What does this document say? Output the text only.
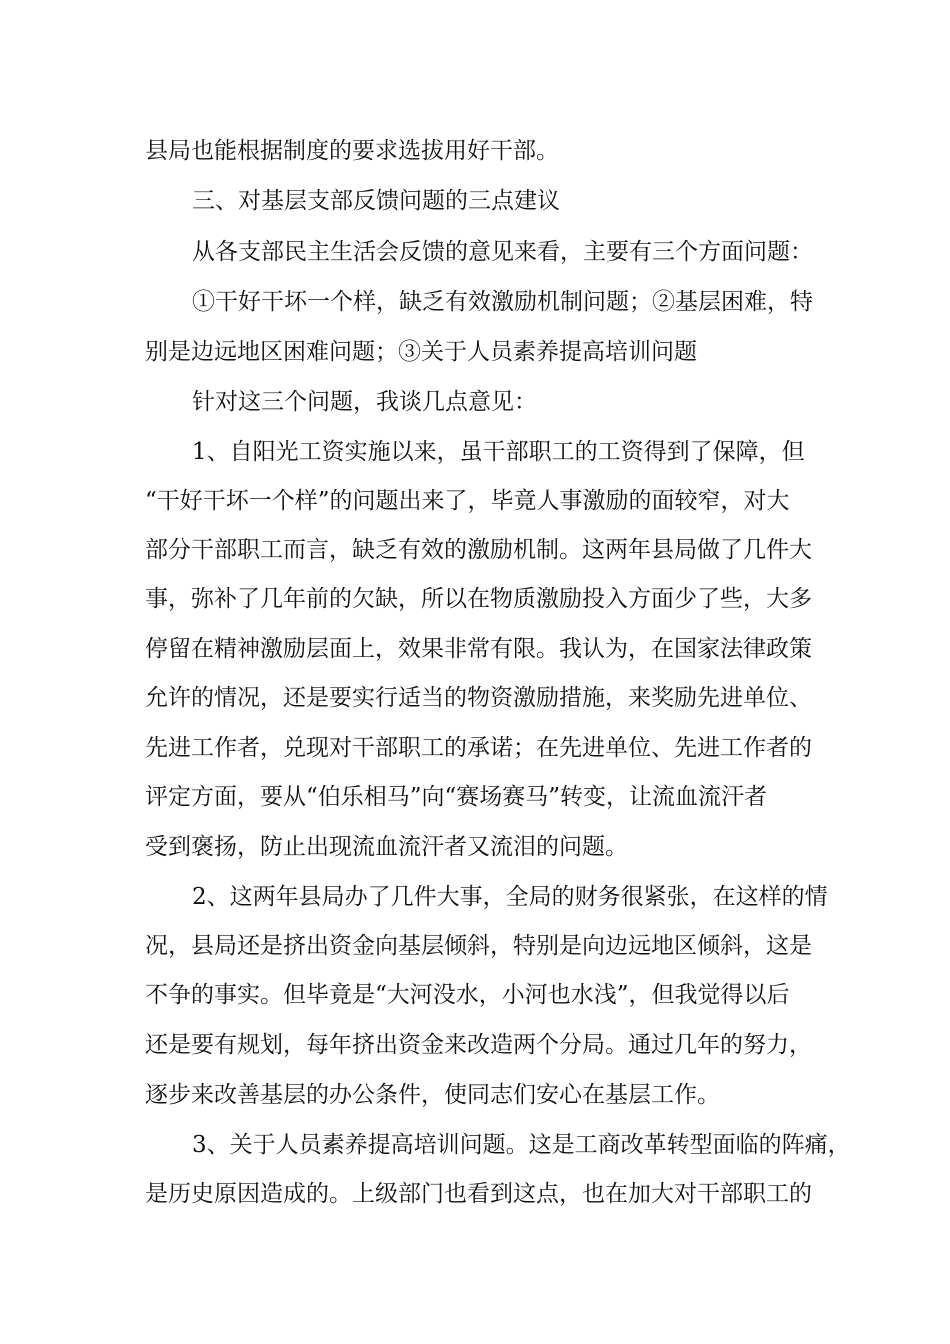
县局也能根据制度的要求选拔用好干部。
三、对基层支部反馈问题的三点建议
从各支部民主生活会反馈的意见来看，主要有三个方面问题：
①干好干坏一个样，缺乏有效激励机制问题；②基层困难，特
别是边远地区困难问题；③关于人员素养提高培训问题
针对这三个问题，我谈几点意见：
1、自阳光工资实施以来，虽干部职工的工资得到了保障，但
“干好干坏一个样”的问题出来了，毕竟人事激励的面较窄，对大
部分干部职工而言，缺乏有效的激励机制。这两年县局做了几件大
事，弥补了几年前的欠缺，所以在物质激励投入方面少了些，大多
停留在精神激励层面上，效果非常有限。我认为，在国家法律政策
允许的情况，还是要实行适当的物资激励措施，来奖励先进单位、
先进工作者，兑现对干部职工的承诺；在先进单位、先进工作者的
评定方面，要从“伯乐相马”向“赛场赛马”转变，让流血流汗者
受到褒扬，防止出现流血流汗者又流泪的问题。
2、这两年县局办了几件大事，全局的财务很紧张，在这样的情
况，县局还是挤出资金向基层倾斜，特别是向边远地区倾斜，这是
不争的事实。但毕竟是“大河没水，小河也水浅”，但我觉得以后
还是要有规划，每年挤出资金来改造两个分局。通过几年的努力，
逐步来改善基层的办公条件，使同志们安心在基层工作。
3、关于人员素养提高培训问题。这是工商改革转型面临的阵痛，
是历史原因造成的。上级部门也看到这点，也在加大对干部职工的
